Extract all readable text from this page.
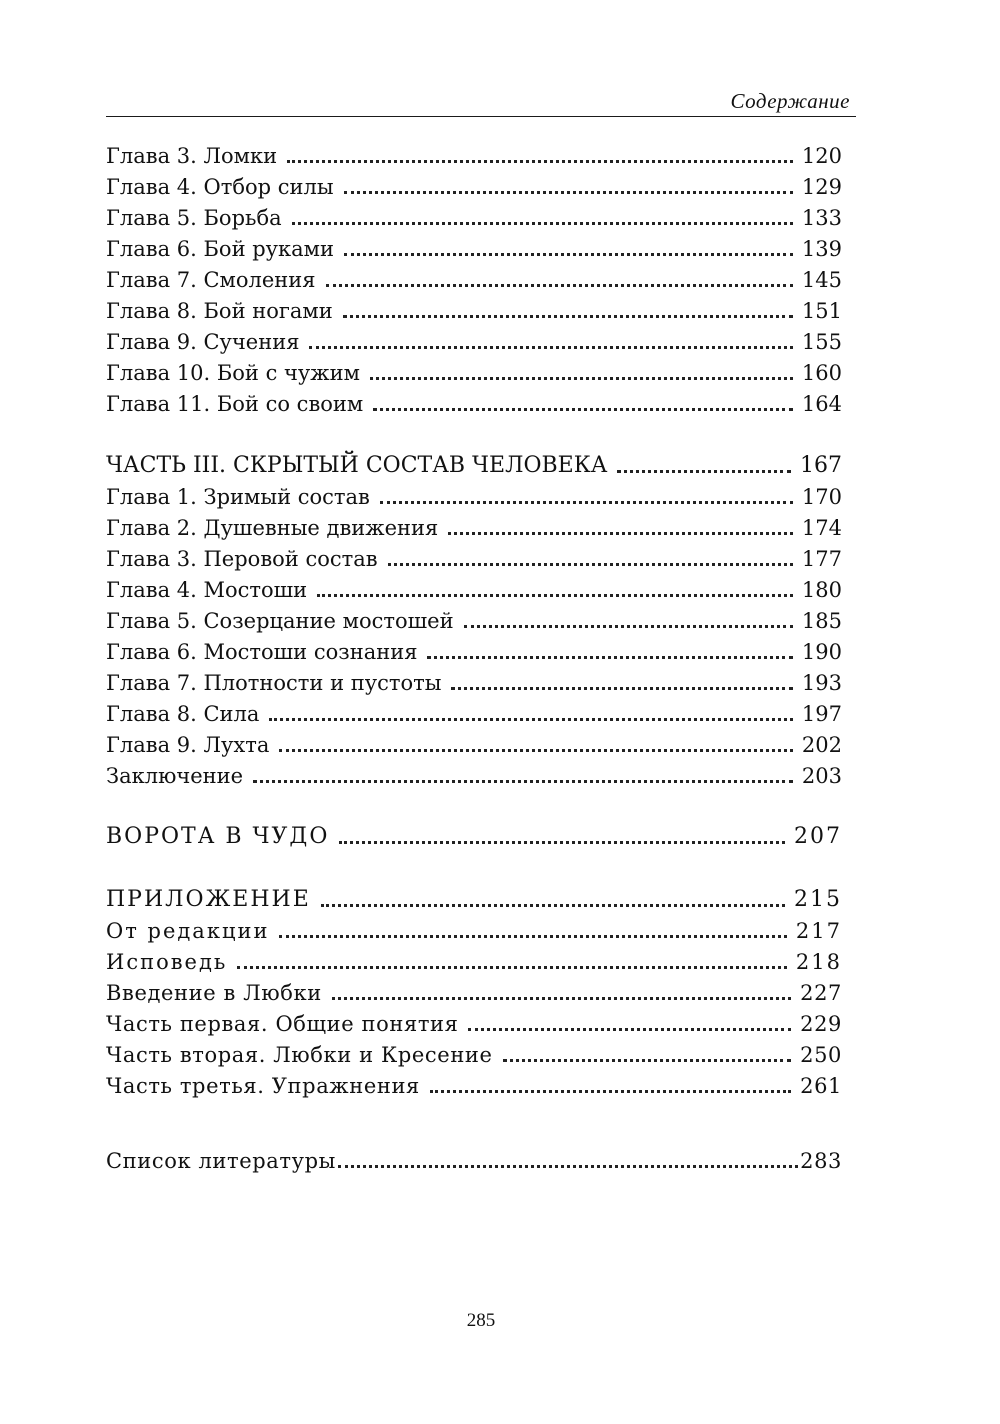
Содержание
Глава 3. Ломки	120
Глава 4. Отбор силы	129
Глава 5. Борьба	133
Глава 6. Бой руками	139
Глава 7. Смоления	145
Глава 8. Бой ногами	151
Глава 9. Сучения	155
Глава 10. Бой с чужим	160
Глава 11. Бой со своим	164
ЧАСТЬ III. СКРЫТЫЙ СОСТАВ ЧЕЛОВЕКА	167
Глава 1. Зримый состав	170
Глава 2. Душевные движения	174
Глава 3. Перовой состав	177
Глава 4. Мостоши	180
Глава 5. Созерцание мостошей	185
Глава 6. Мостоши сознания	190
Глава 7. Плотности и пустоты	193
Глава 8. Сила	197
Глава 9. Лухта	202
Заключение	203
ВОРОТА В ЧУДО	207
ПРИЛОЖЕНИЕ	215
От редакции	217
Исповедь	218
Введение в Любки	227
Часть первая. Общие понятия	229
Часть вторая. Любки и Кресение	250
Часть третья. Упражнения	261
Список литературы	283
285
